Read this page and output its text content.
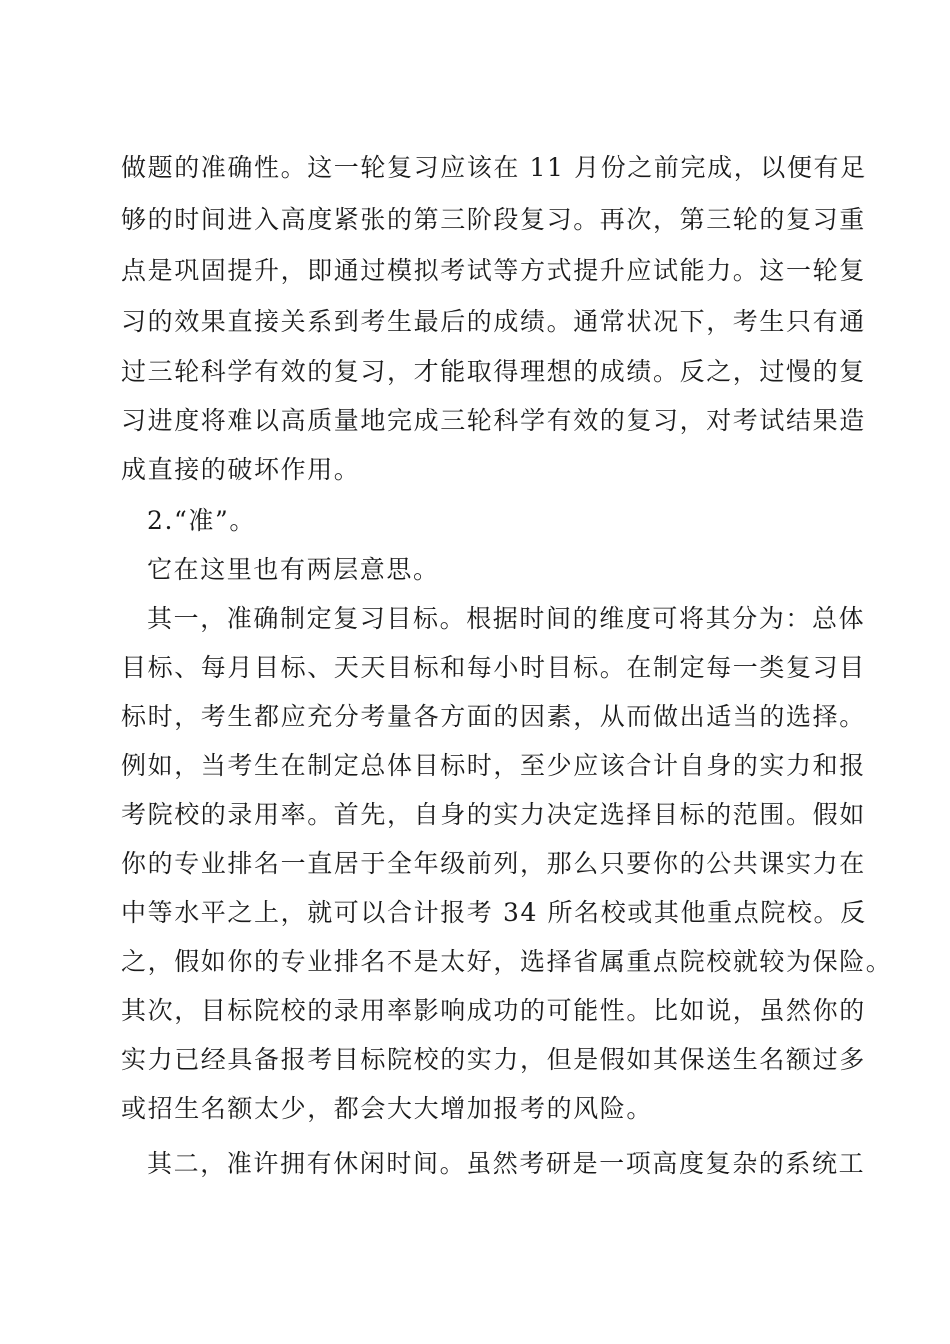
做题的准确性。这一轮复习应该在 11 月份之前完成，以便有足
够的时间进入高度紧张的第三阶段复习。再次，第三轮的复习重
点是巩固提升，即通过模拟考试等方式提升应试能力。这一轮复
习的效果直接关系到考生最后的成绩。通常状况下，考生只有通
过三轮科学有效的复习，才能取得理想的成绩。反之，过慢的复
习进度将难以高质量地完成三轮科学有效的复习，对考试结果造
成直接的破坏作用。
2.“准”。
它在这里也有两层意思。
其一，准确制定复习目标。根据时间的维度可将其分为：总体
目标、每月目标、天天目标和每小时目标。在制定每一类复习目
标时，考生都应充分考量各方面的因素，从而做出适当的选择。
例如，当考生在制定总体目标时，至少应该合计自身的实力和报
考院校的录用率。首先，自身的实力决定选择目标的范围。假如
你的专业排名一直居于全年级前列，那么只要你的公共课实力在
中等水平之上，就可以合计报考 34 所名校或其他重点院校。反
之，假如你的专业排名不是太好，选择省属重点院校就较为保险。
其次，目标院校的录用率影响成功的可能性。比如说，虽然你的
实力已经具备报考目标院校的实力，但是假如其保送生名额过多
或招生名额太少，都会大大增加报考的风险。
其二，准许拥有休闲时间。虽然考研是一项高度复杂的系统工
